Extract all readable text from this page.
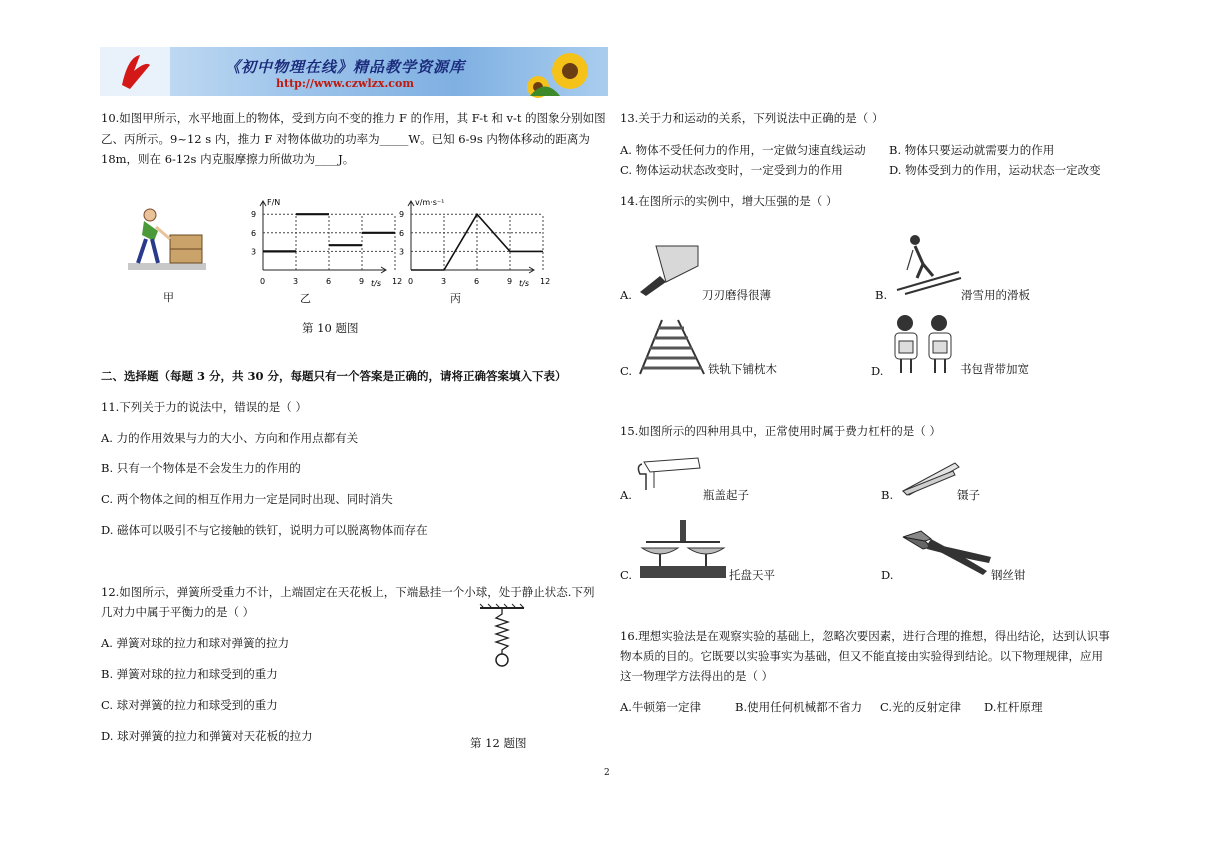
《初中物理在线》精品教学资源库
http://www.czwlzx.com
10.如图甲所示，水平地面上的物体，受到方向不变的推力 F 的作用，其 F-t 和 v-t 的图象分别如图
乙、丙所示。9~12 s 内，推力 F 对物体做功的功率为_____W。已知 6-9s 内物体移动的距离为
18m，则在 6-12s 内克服摩擦力所做功为____J。
甲
F/N
t/s
0	3	6	9	12
3
6
9
乙
v/m·s⁻¹
t/s
0	3	6	9	12
3
6
9
丙
第 10 题图
二、选择题（每题 3 分，共 30 分，每题只有一个答案是正确的，请将正确答案填入下表）
11.下列关于力的说法中，错误的是（ ）
A. 力的作用效果与力的大小、方向和作用点都有关
B. 只有一个物体是不会发生力的作用的
C. 两个物体之间的相互作用力一定是同时出现、同时消失
D. 磁体可以吸引不与它接触的铁钉，说明力可以脱离物体而存在
12.如图所示，弹簧所受重力不计，上端固定在天花板上，下端悬挂一个小球，处于静止状态.下列
几对力中属于平衡力的是（ ）
A. 弹簧对球的拉力和球对弹簧的拉力
B. 弹簧对球的拉力和球受到的重力
C. 球对弹簧的拉力和球受到的重力
D. 球对弹簧的拉力和弹簧对天花板的拉力	第 12 题图
13.关于力和运动的关系，下列说法中正确的是（ ）
A. 物体不受任何力的作用，一定做匀速直线运动 B. 物体只要运动就需要力的作用
C. 物体运动状态改变时，一定受到力的作用	D. 物体受到力的作用，运动状态一定改变
14.在图所示的实例中，增大压强的是（ ）
A.	刀刃磨得很薄	B.	滑雪用的滑板
C.	铁轨下铺枕木	D.	书包背带加宽
15.如图所示的四种用具中，正常使用时属于费力杠杆的是（ ）
A.	瓶盖起子	B.	镊子
C.	托盘天平	D.	钢丝钳
16.理想实验法是在观察实验的基础上，忽略次要因素，进行合理的推想，得出结论，达到认识事
物本质的目的。它既要以实验事实为基础，但又不能直接由实验得到结论。以下物理规律，应用
这一物理学方法得出的是（ ）
A.牛顿第一定律	B.使用任何机械都不省力 C.光的反射定律 D.杠杆原理
2
